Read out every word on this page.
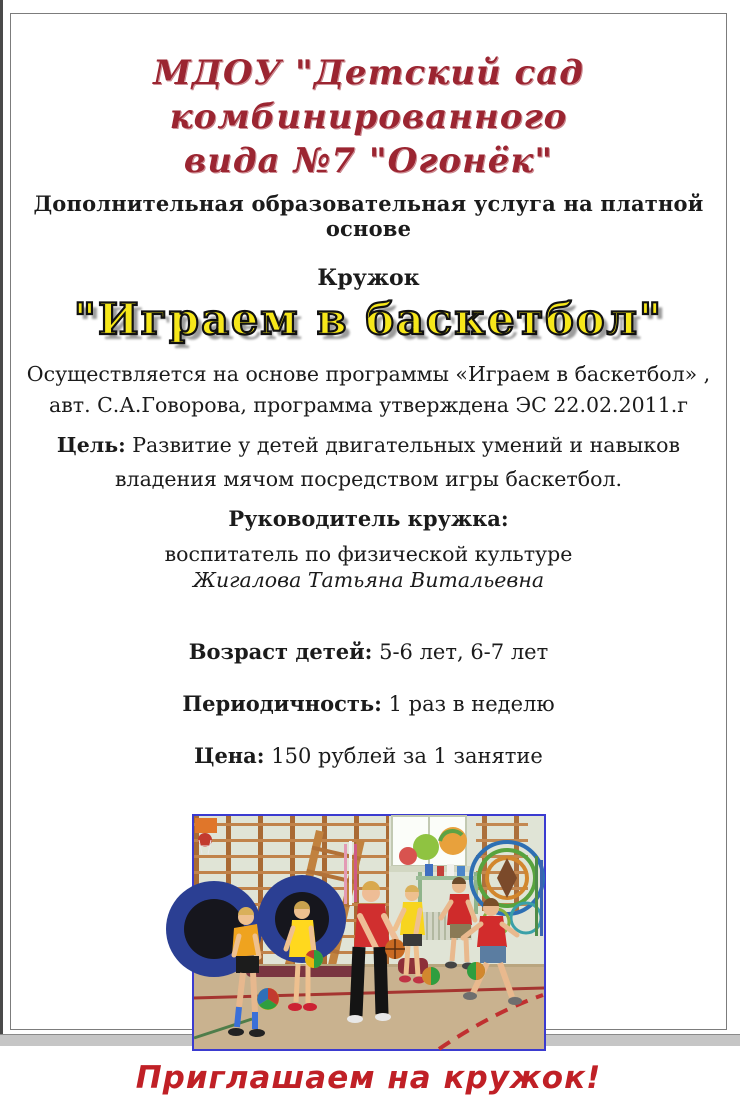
МДОУ "Детский сад комбинированного
вида №7 "Огонёк"
Дополнительная образовательная услуга на платной основе
Кружок
"Играем в баскетбол"
Осуществляется на основе программы «Играем в баскетбол» ,
авт. С.А.Говорова, программа утверждена ЭС 22.02.2011.г
Цель: Развитие у детей двигательных умений и навыков
владения мячом посредством игры баскетбол.
Руководитель кружка:
воспитатель по физической культуре
Жигалова Татьяна Витальевна
Возраст детей: 5-6 лет, 6-7 лет
Периодичность: 1 раз в неделю
Цена: 150 рублей за 1 занятие
Приглашаем на кружок!
